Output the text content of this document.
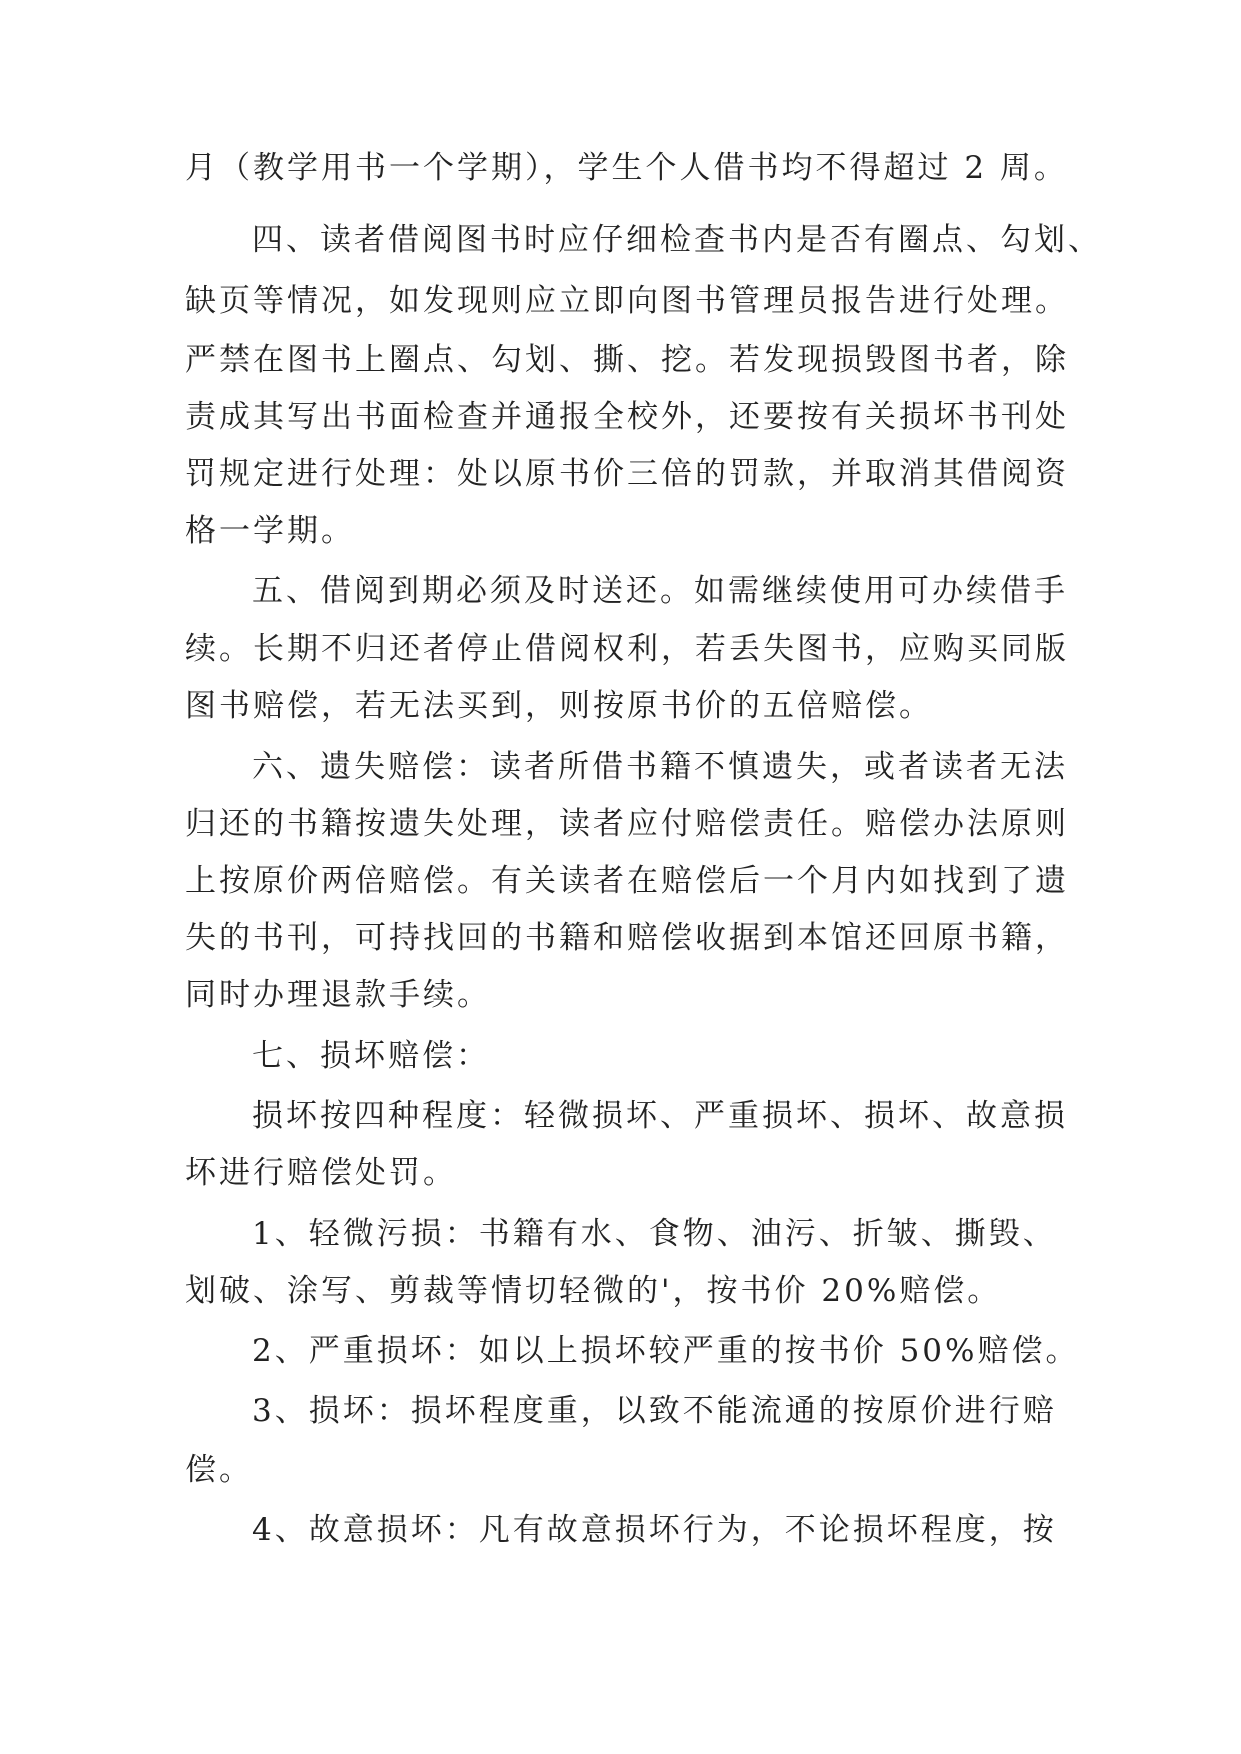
月（教学用书一个学期），学生个人借书均不得超过 2 周。
四、读者借阅图书时应仔细检查书内是否有圈点、勾划、
缺页等情况，如发现则应立即向图书管理员报告进行处理。
严禁在图书上圈点、勾划、撕、挖。若发现损毁图书者，除
责成其写出书面检查并通报全校外，还要按有关损坏书刊处
罚规定进行处理：处以原书价三倍的罚款，并取消其借阅资
格一学期。
五、借阅到期必须及时送还。如需继续使用可办续借手
续。长期不归还者停止借阅权利，若丢失图书，应购买同版
图书赔偿，若无法买到，则按原书价的五倍赔偿。
六、遗失赔偿：读者所借书籍不慎遗失，或者读者无法
归还的书籍按遗失处理，读者应付赔偿责任。赔偿办法原则
上按原价两倍赔偿。有关读者在赔偿后一个月内如找到了遗
失的书刊，可持找回的书籍和赔偿收据到本馆还回原书籍，
同时办理退款手续。
七、损坏赔偿：
损坏按四种程度：轻微损坏、严重损坏、损坏、故意损
坏进行赔偿处罚。
1、轻微污损：书籍有水、食物、油污、折皱、撕毁、
划破、涂写、剪裁等情切轻微的'，按书价 20%赔偿。
2、严重损坏：如以上损坏较严重的按书价 50%赔偿。
3、损坏：损坏程度重，以致不能流通的按原价进行赔
偿。
4、故意损坏：凡有故意损坏行为，不论损坏程度，按
